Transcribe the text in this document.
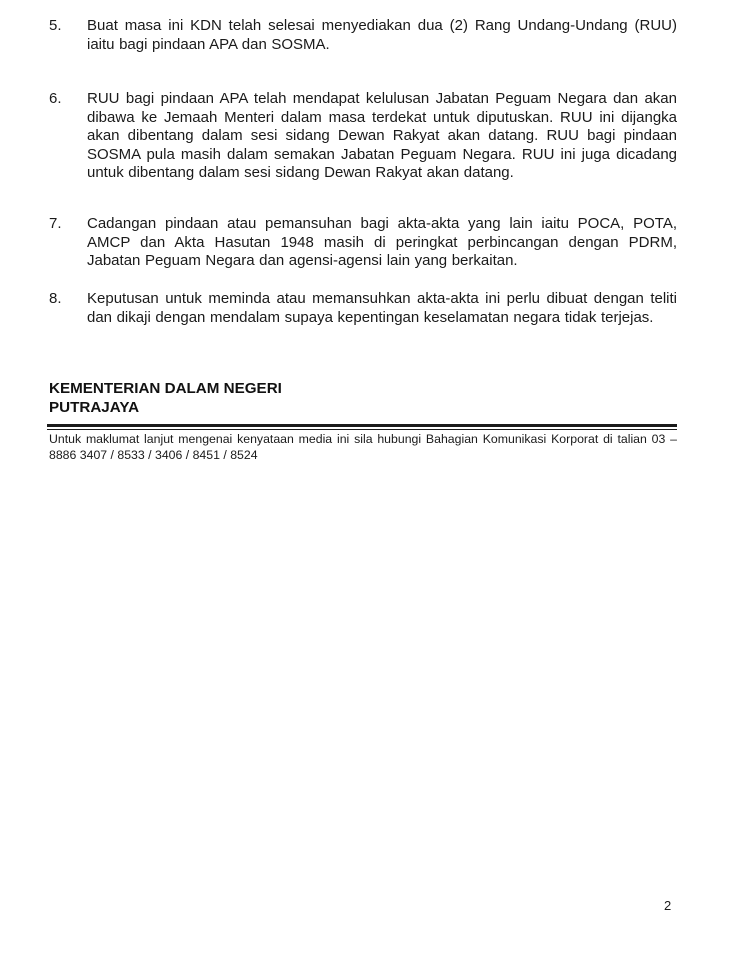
5.	Buat masa ini KDN telah selesai menyediakan dua (2) Rang Undang-Undang (RUU) iaitu bagi pindaan APA dan SOSMA.
6.	RUU bagi pindaan APA telah mendapat kelulusan Jabatan Peguam Negara dan akan dibawa ke Jemaah Menteri dalam masa terdekat untuk diputuskan. RUU ini dijangka akan dibentang dalam sesi sidang Dewan Rakyat akan datang. RUU bagi pindaan SOSMA pula masih dalam semakan Jabatan Peguam Negara. RUU ini juga dicadang untuk dibentang dalam sesi sidang Dewan Rakyat akan datang.
7.	Cadangan pindaan atau pemansuhan bagi akta-akta yang lain iaitu POCA, POTA, AMCP dan Akta Hasutan 1948 masih di peringkat perbincangan dengan PDRM, Jabatan Peguam Negara dan agensi-agensi lain yang berkaitan.
8.	Keputusan untuk meminda atau memansuhkan akta-akta ini perlu dibuat dengan teliti dan dikaji dengan mendalam supaya kepentingan keselamatan negara tidak terjejas.
KEMENTERIAN DALAM NEGERI
PUTRAJAYA
Untuk maklumat lanjut mengenai kenyataan media ini sila hubungi Bahagian Komunikasi Korporat di talian 03 – 8886 3407 / 8533 / 3406 / 8451 / 8524
2
